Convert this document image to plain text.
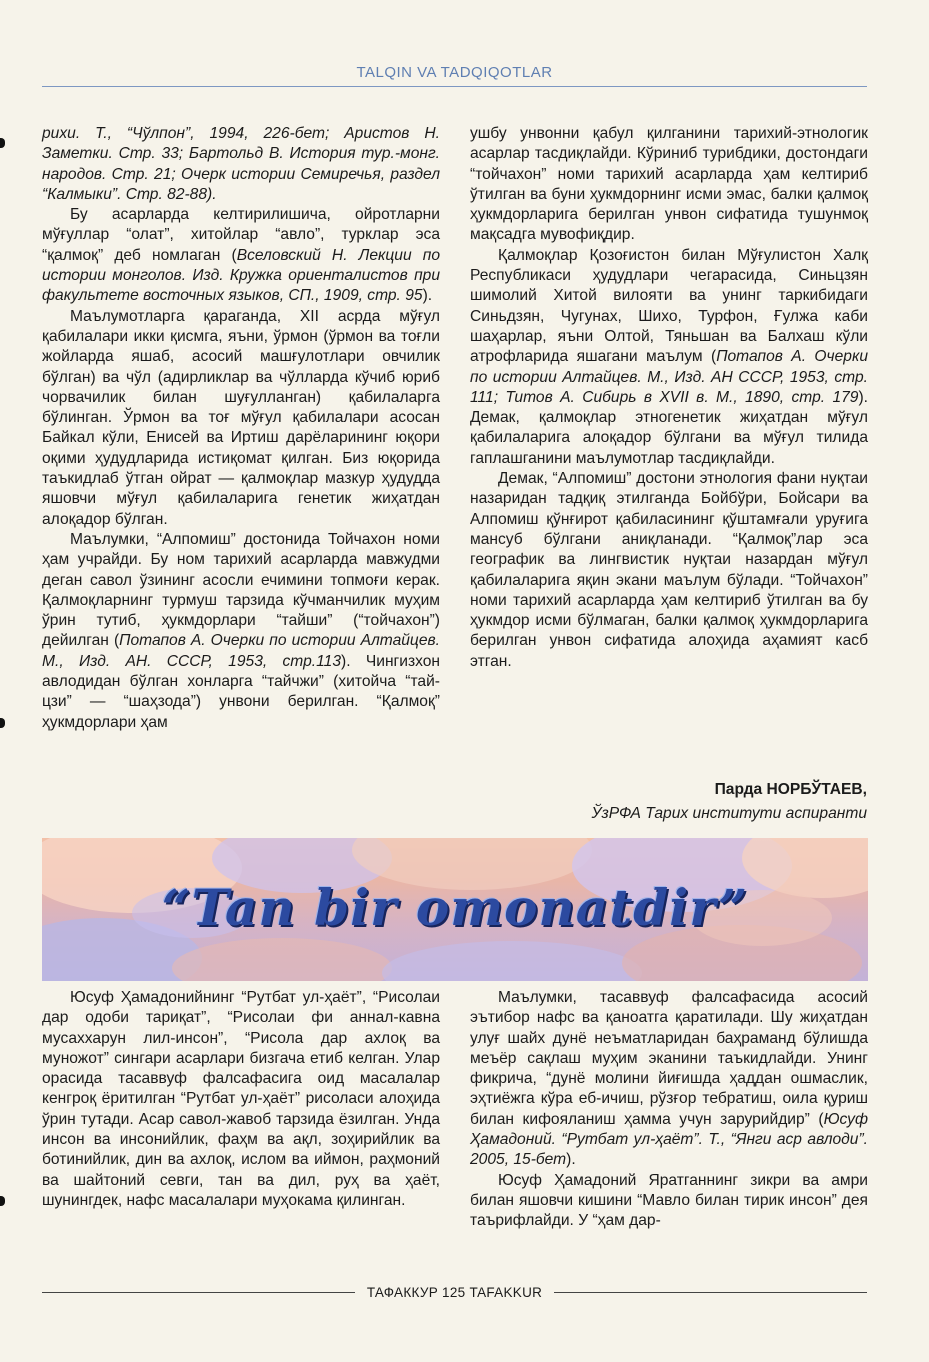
TALQIN VA TADQIQOTLAR

рихи. Т., “Чўлпон”, 1994, 226-бет; Аристов Н. Заметки. Стр. 33; Бартольд В. История тур.-монг. народов. Стр. 21; Очерк истории Семиречья, раздел “Калмыки”. Стр. 82-88).

Бу асарларда келтирилишича, ойротларни мўғуллар “олат”, хитойлар “авло”, турклар эса “қалмоқ” деб номлаган (Вселовский Н. Лекции по истории монголов. Изд. Кружка ориенталистов при факультете восточных языков, СП., 1909, стр. 95).

Маълумотларга қараганда, XII асрда мўғул қабилалари икки қисмга, яъни, ўрмон (ўрмон ва тоғли жойларда яшаб, асосий машғулотлари овчилик бўлган) ва чўл (адирликлар ва чўлларда кўчиб юриб чорвачилик билан шуғулланган) қабилаларга бўлинган. Ўрмон ва тоғ мўғул қабилалари асосан Байкал кўли, Енисей ва Иртиш дарёларининг юқори оқими ҳудудларида истиқомат қилган. Биз юқорида таъкидлаб ўтган ойрат — қалмоқлар мазкур ҳудудда яшовчи мўғул қабилаларига генетик жиҳатдан алоқадор бўлган.

Маълумки, “Алпомиш” достонида Тойчахон номи ҳам учрайди. Бу ном тарихий асарларда мавжудми деган савол ўзининг асосли ечимини топмоғи керак. Қалмоқларнинг турмуш тарзида кўчманчилик муҳим ўрин тутиб, ҳукмдорлари “тайши” (“тойчахон”) дейилган (Потапов А. Очерки по истории Алтайцев. М., Изд. АН. СССР, 1953, стр.113). Чингизхон авлодидан бўлган хонларга “тайчжи” (хитойча “тай-цзи” — “шаҳзода”) унвони берилган. “Қалмоқ” ҳукмдорлари ҳам

ушбу унвонни қабул қилганини тарихий-этнологик асарлар тасдиқлайди. Кўриниб турибдики, достондаги “тойчахон” номи тарихий асарларда ҳам келтириб ўтилган ва буни ҳукмдорнинг исми эмас, балки қалмоқ ҳукмдорларига берилган унвон сифатида тушунмоқ мақсадга мувофиқдир.

Қалмоқлар Қозоғистон билан Мўғулистон Халқ Республикаси ҳудудлари чегарасида, Синьцзян шимолий Хитой вилояти ва унинг таркибидаги Синьдзян, Чугунах, Шихо, Турфон, Ғулжа каби шаҳарлар, яъни Олтой, Тяньшан ва Балхаш кўли атрофларида яшагани маълум (Потапов А. Очерки по истории Алтайцев. М., Изд. АН СССР, 1953, стр. 111; Титов А. Сибирь в XVII в. М., 1890, стр. 179). Демак, қалмоқлар этногенетик жиҳатдан мўғул қабилаларига алоқадор бўлгани ва мўғул тилида гаплашганини маълумотлар тасдиқлайди.

Демак, “Алпомиш” достони этнология фани нуқтаи назаридан тадқиқ этилганда Бойбўри, Бойсари ва Алпомиш қўнғирот қабиласининг қўштамғали уруғига мансуб бўлгани аниқланади. “Қалмоқ”лар эса географик ва лингвистик нуқтаи назардан мўғул қабилаларига яқин экани маълум бўлади. “Тойчахон” номи тарихий асарларда ҳам келтириб ўтилган ва бу ҳукмдор исми бўлмаган, балки қалмоқ ҳукмдорларига берилган унвон сифатида алоҳида аҳамият касб этган.

Парда НОРБЎТАЕВ,
ЎзРФА Тарих институти аспиранти
“Tan bir omonatdir”

Юсуф Ҳамадонийнинг “Рутбат ул-ҳаёт”, “Рисолаи дар одоби тариқат”, “Рисолаи фи аннал-кавна мусаххарун лил-инсон”, “Рисола дар ахлоқ ва муножот” сингари асарлари бизгача етиб келган. Улар орасида тасаввуф фалсафасига оид масалалар кенгроқ ёритилган “Рутбат ул-ҳаёт” рисолаcи алоҳида ўрин тутади. Асар савол-жавоб тарзида ёзилган. Унда инсон ва инсонийлик, фаҳм ва ақл, зоҳирийлик ва ботинийлик, дин ва ахлоқ, ислом ва иймон, раҳмоний ва шайтоний севги, тан ва дил, руҳ ва ҳаёт, шунингдек, нафс масалалари муҳокама қилинган.

Маълумки, тасаввуф фалсафасида асосий эътибор нафс ва қаноатга қаратилади. Шу жиҳатдан улуғ шайх дунё неъматларидан баҳраманд бўлишда меъёр сақлаш муҳим эканини таъкидлайди. Унинг фикрича, “дунё молини йиғишда ҳаддан ошмаслик, эҳтиёжга кўра еб-ичиш, рўзғор тебратиш, оила қуриш билан кифояланиш ҳамма учун зарурийдир” (Юсуф Ҳамадоний. “Рутбат ул-ҳаёт”. Т., “Янги аср авлоди”. 2005, 15-бет).

Юсуф Ҳамадоний Яратганнинг зикри ва амри билан яшовчи кишини “Мавло билан тирик инсон” дея таърифлайди. У “ҳам дар-

ТАФАККУР 125 TAFAKKUR
